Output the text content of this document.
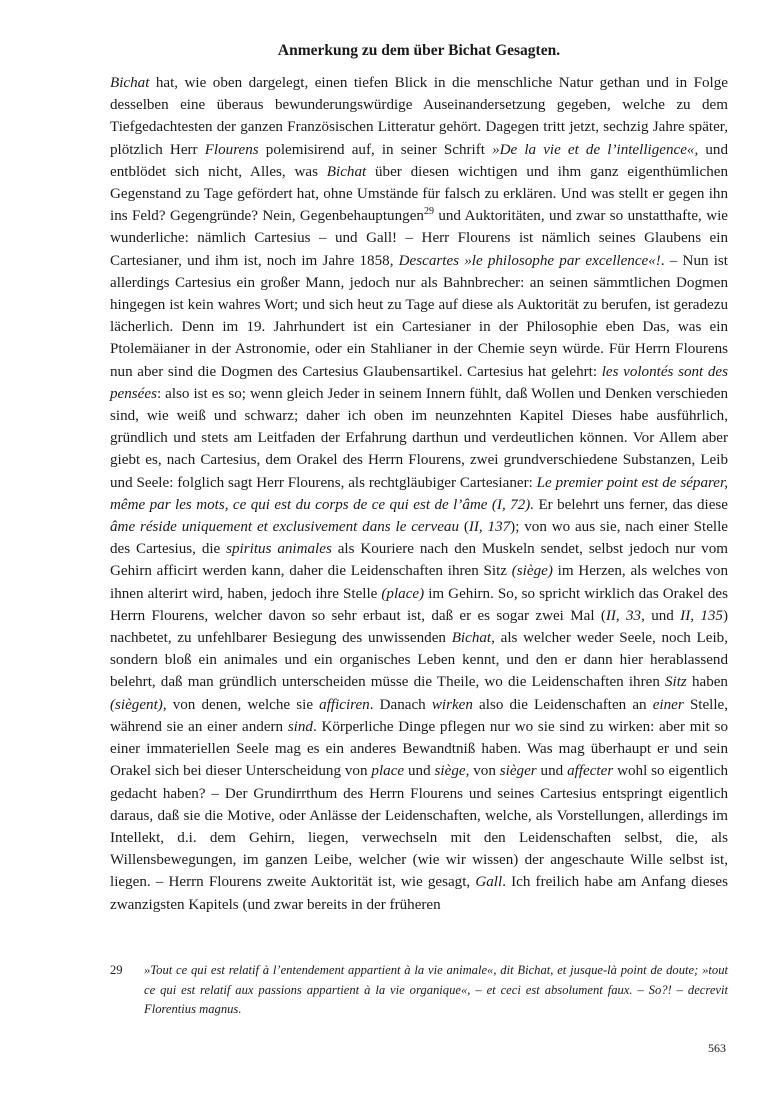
Anmerkung zu dem über Bichat Gesagten.

Bichat hat, wie oben dargelegt, einen tiefen Blick in die menschliche Natur gethan und in Folge desselben eine überaus bewunderungswürdige Auseinandersetzung gegeben, welche zu dem Tiefgedachtesten der ganzen Französischen Litteratur gehört. Dagegen tritt jetzt, sechzig Jahre später, plötzlich Herr Flourens polemisirend auf, in seiner Schrift »De la vie et de l’intelligence«, und entblödet sich nicht, Alles, was Bichat über diesen wichtigen und ihm ganz eigenthümlichen Gegenstand zu Tage gefördert hat, ohne Umstände für falsch zu erklären. Und was stellt er gegen ihn ins Feld? Gegengründe? Nein, Gegenbehauptungen$^{29}$ und Auktoritäten, und zwar so unstatthafte, wie wunderliche: nämlich Cartesius – und Gall! – Herr Flourens ist nämlich seines Glaubens ein Cartesianer, und ihm ist, noch im Jahre 1858, Descartes »le philosophe par excellence«!. – Nun ist allerdings Cartesius ein großer Mann, jedoch nur als Bahnbrecher: an seinen sämmtlichen Dogmen hingegen ist kein wahres Wort; und sich heut zu Tage auf diese als Auktorität zu berufen, ist geradezu lächerlich. Denn im 19. Jahrhundert ist ein Cartesianer in der Philosophie eben Das, was ein Ptolemäianer in der Astronomie, oder ein Stahlianer in der Chemie seyn würde. Für Herrn Flourens nun aber sind die Dogmen des Cartesius Glaubensartikel. Cartesius hat gelehrt: les volontés sont des pensées: also ist es so; wenn gleich Jeder in seinem Innern fühlt, daß Wollen und Denken verschieden sind, wie weiß und schwarz; daher ich oben im neunzehnten Kapitel Dieses habe ausführlich, gründlich und stets am Leitfaden der Erfahrung darthun und verdeutlichen können. Vor Allem aber giebt es, nach Cartesius, dem Orakel des Herrn Flourens, zwei grundverschiedene Substanzen, Leib und Seele: folglich sagt Herr Flourens, als rechtgläubiger Cartesianer: Le premier point est de séparer, même par les mots, ce qui est du corps de ce qui est de l’âme (I, 72). Er belehrt uns ferner, das diese âme réside uniquement et exclusivement dans le cerveau (II, 137); von wo aus sie, nach einer Stelle des Cartesius, die spiritus animales als Kouriere nach den Muskeln sendet, selbst jedoch nur vom Gehirn afficirt werden kann, daher die Leidenschaften ihren Sitz (siège) im Herzen, als welches von ihnen alterirt wird, haben, jedoch ihre Stelle (place) im Gehirn. So, so spricht wirklich das Orakel des Herrn Flourens, welcher davon so sehr erbaut ist, daß er es sogar zwei Mal (II, 33, und II, 135) nachbetet, zu unfehlbarer Besiegung des unwissenden Bichat, als welcher weder Seele, noch Leib, sondern bloß ein animales und ein organisches Leben kennt, und den er dann hier herablassend belehrt, daß man gründlich unterscheiden müsse die Theile, wo die Leidenschaften ihren Sitz haben (siègent), von denen, welche sie afficiren. Danach wirken also die Leidenschaften an einer Stelle, während sie an einer andern sind. Körperliche Dinge pflegen nur wo sie sind zu wirken: aber mit so einer immateriellen Seele mag es ein anderes Bewandtniß haben. Was mag überhaupt er und sein Orakel sich bei dieser Unterscheidung von place und siège, von sièger und affecter wohl so eigentlich gedacht haben? – Der Grundirrthum des Herrn Flourens und seines Cartesius entspringt eigentlich daraus, daß sie die Motive, oder Anlässe der Leidenschaften, welche, als Vorstellungen, allerdings im Intellekt, d.i. dem Gehirn, liegen, verwechseln mit den Leidenschaften selbst, die, als Willensbewegungen, im ganzen Leibe, welcher (wie wir wissen) der angeschaute Wille selbst ist, liegen. – Herrn Flourens zweite Auktorität ist, wie gesagt, Gall. Ich freilich habe am Anfang dieses zwanzigsten Kapitels (und zwar bereits in der früheren

29 »Tout ce qui est relatif à l’entendement appartient à la vie animale«, dit Bichat, et jusque-là point de doute; »tout ce qui est relatif aux passions appartient à la vie organique«, – et ceci est absolument faux. – So?! – decrevit Florentius magnus.
563
